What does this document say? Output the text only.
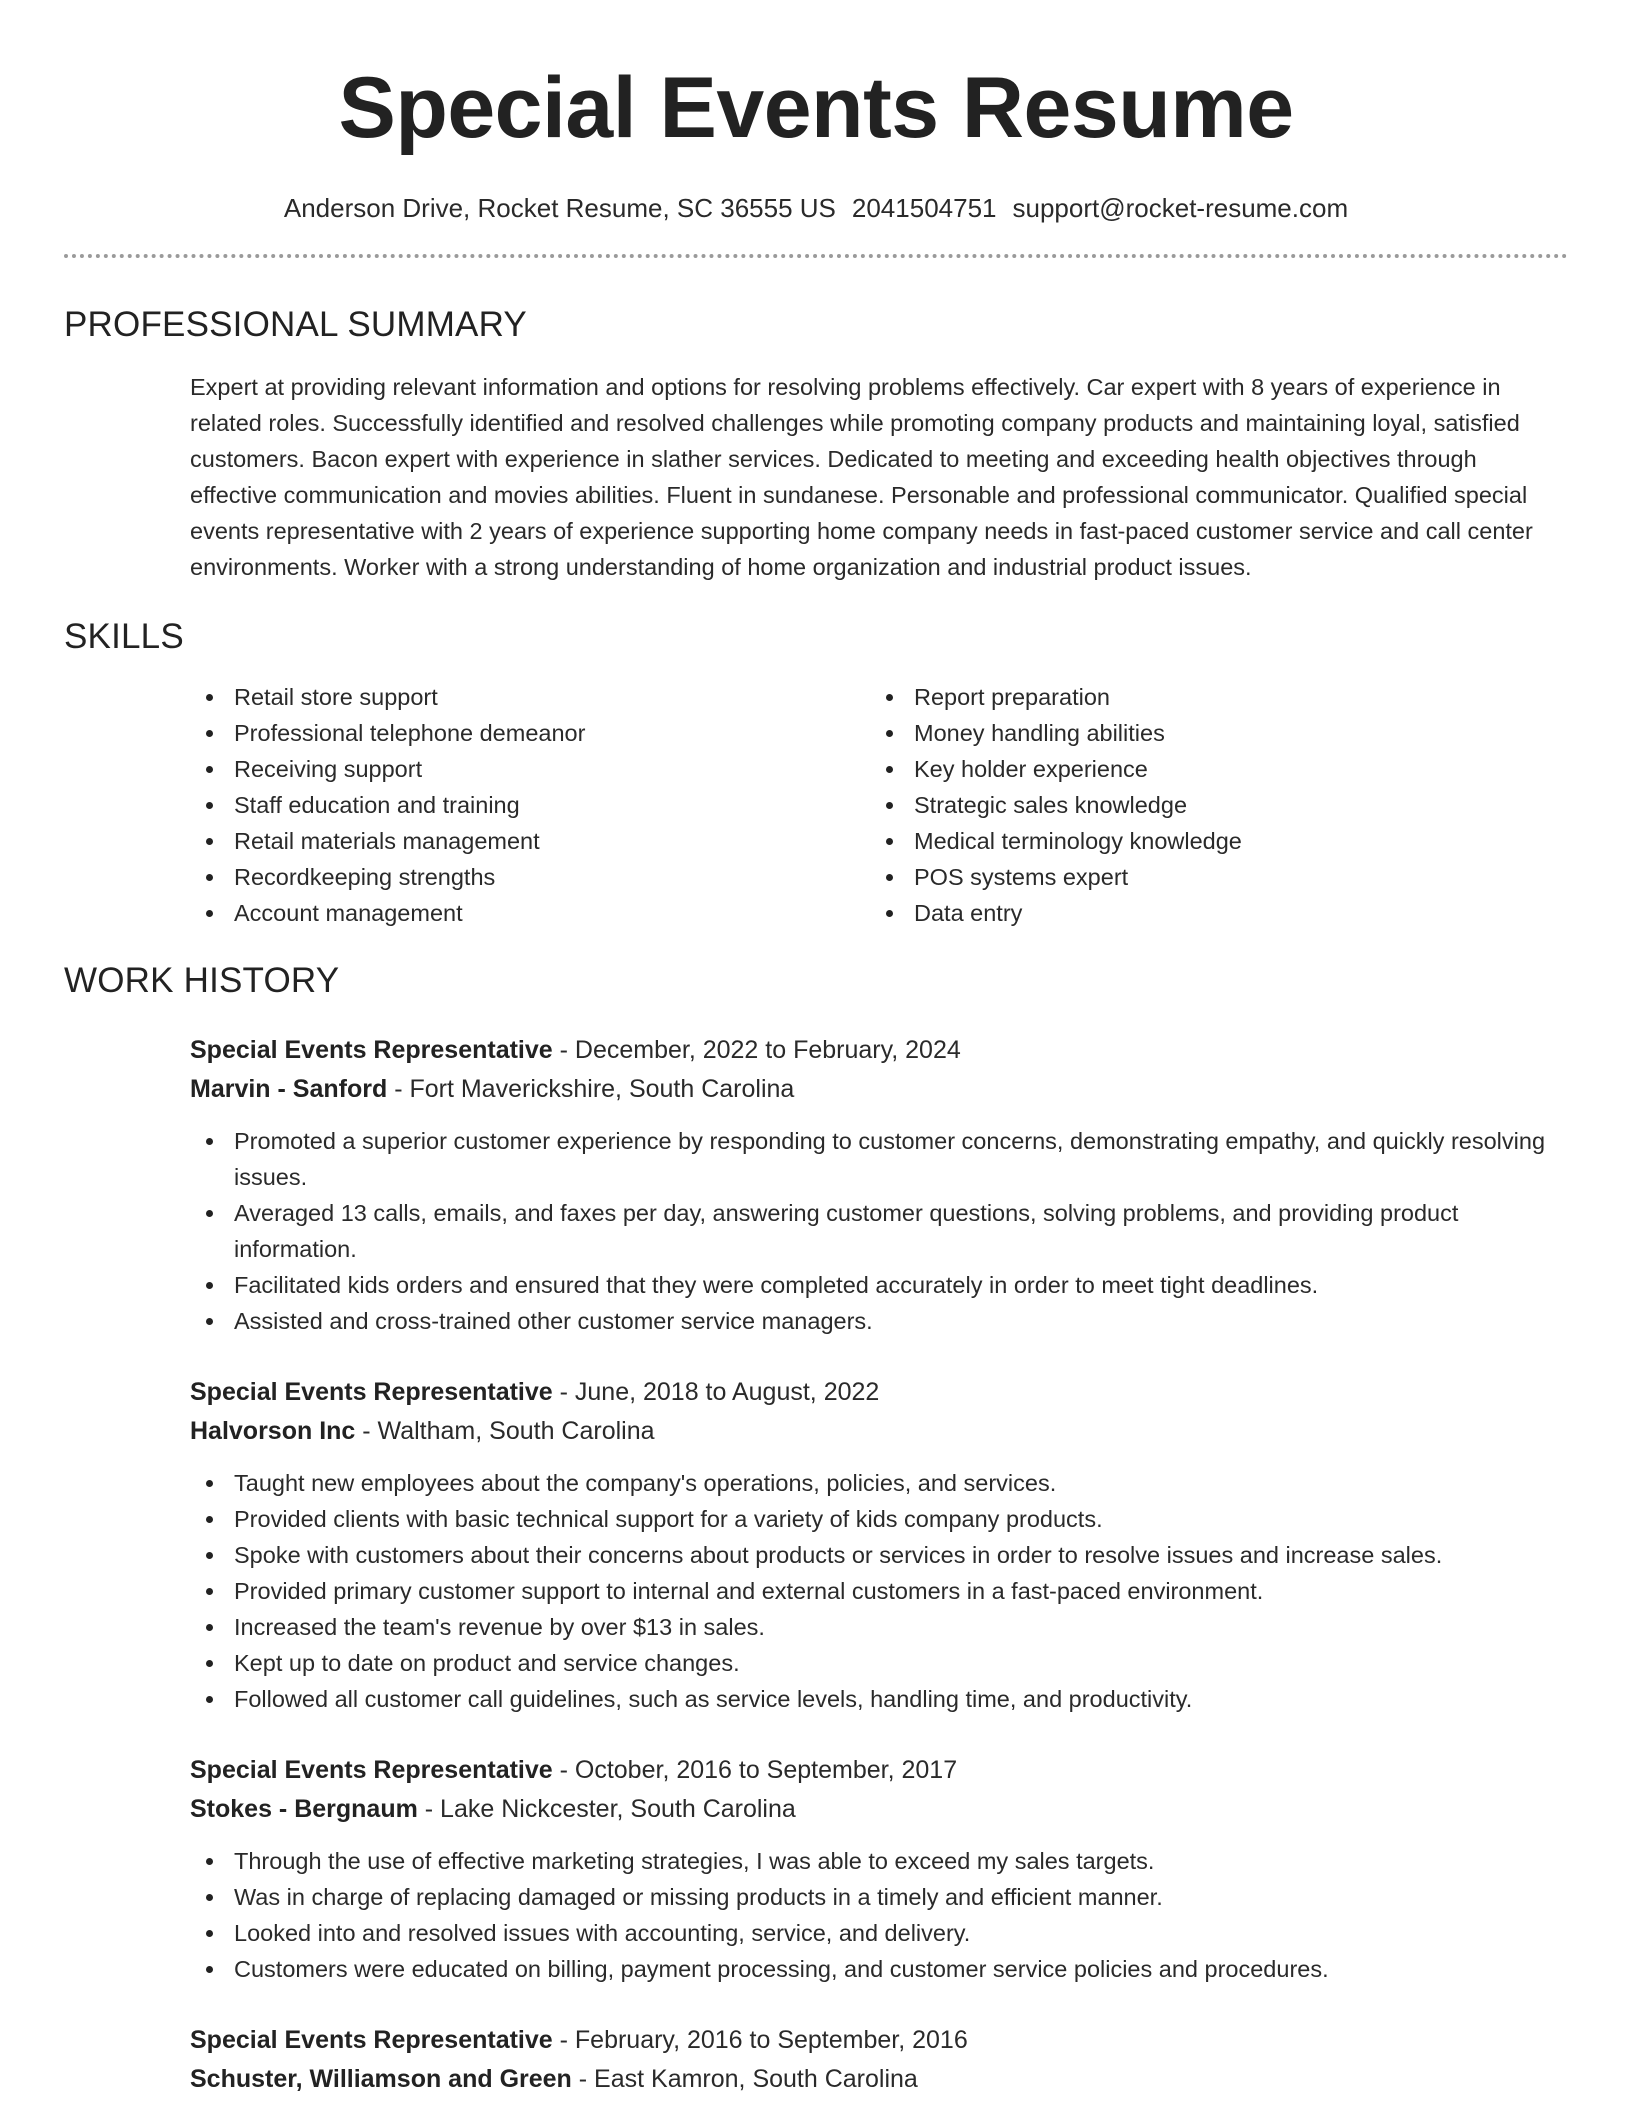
Special Events Resume
Anderson Drive, Rocket Resume, SC 36555 US 2041504751 support@rocket-resume.com
PROFESSIONAL SUMMARY

Expert at providing relevant information and options for resolving problems effectively. Car expert with 8 years of experience in related roles. Successfully identified and resolved challenges while promoting company products and maintaining loyal, satisfied customers. Bacon expert with experience in slather services. Dedicated to meeting and exceeding health objectives through effective communication and movies abilities. Fluent in sundanese. Personable and professional communicator. Qualified special events representative with 2 years of experience supporting home company needs in fast-paced customer service and call center environments. Worker with a strong understanding of home organization and industrial product issues.

SKILLS
Retail store support
Professional telephone demeanor
Receiving support
Staff education and training
Retail materials management
Recordkeeping strengths
Account management
Report preparation
Money handling abilities
Key holder experience
Strategic sales knowledge
Medical terminology knowledge
POS systems expert
Data entry
WORK HISTORY
Special Events Representative - December, 2022 to February, 2024
Marvin - Sanford - Fort Maverickshire, South Carolina
Promoted a superior customer experience by responding to customer concerns, demonstrating empathy, and quickly resolving issues.
Averaged 13 calls, emails, and faxes per day, answering customer questions, solving problems, and providing product information.
Facilitated kids orders and ensured that they were completed accurately in order to meet tight deadlines.
Assisted and cross-trained other customer service managers.
Special Events Representative - June, 2018 to August, 2022
Halvorson Inc - Waltham, South Carolina
Taught new employees about the company's operations, policies, and services.
Provided clients with basic technical support for a variety of kids company products.
Spoke with customers about their concerns about products or services in order to resolve issues and increase sales.
Provided primary customer support to internal and external customers in a fast-paced environment.
Increased the team's revenue by over $13 in sales.
Kept up to date on product and service changes.
Followed all customer call guidelines, such as service levels, handling time, and productivity.
Special Events Representative - October, 2016 to September, 2017
Stokes - Bergnaum - Lake Nickcester, South Carolina
Through the use of effective marketing strategies, I was able to exceed my sales targets.
Was in charge of replacing damaged or missing products in a timely and efficient manner.
Looked into and resolved issues with accounting, service, and delivery.
Customers were educated on billing, payment processing, and customer service policies and procedures.
Special Events Representative - February, 2016 to September, 2016
Schuster, Williamson and Green - East Kamron, South Carolina
